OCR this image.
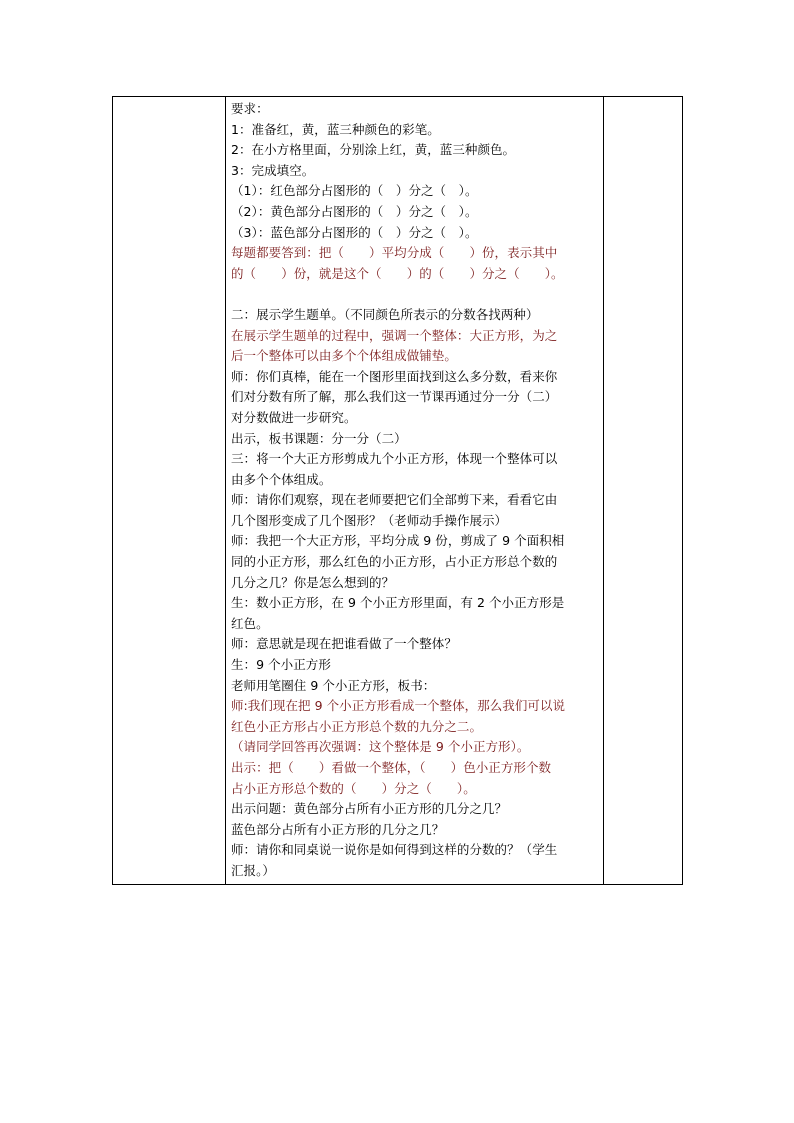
要求：
1：准备红，黄，蓝三种颜色的彩笔。
2：在小方格里面，分别涂上红，黄，蓝三种颜色。
3：完成填空。
（1）：红色部分占图形的（　）分之（　）。
（2）：黄色部分占图形的（　）分之（　）。
（3）：蓝色部分占图形的（　）分之（　）。
每题都要答到：把（　　）平均分成（　　）份，表示其中
的（　　）份，就是这个（　　）的（　　）分之（　　）。
二：展示学生题单。（不同颜色所表示的分数各找两种）
在展示学生题单的过程中，强调一个整体：大正方形，为之
后一个整体可以由多个个体组成做铺垫。
师：你们真棒，能在一个图形里面找到这么多分数，看来你
们对分数有所了解，那么我们这一节课再通过分一分（二）
对分数做进一步研究。
出示，板书课题：分一分（二）
三：将一个大正方形剪成九个小正方形，体现一个整体可以
由多个个体组成。
师：请你们观察，现在老师要把它们全部剪下来，看看它由
几个图形变成了几个图形？（老师动手操作展示）
师：我把一个大正方形，平均分成 9 份，剪成了 9 个面积相
同的小正方形，那么红色的小正方形，占小正方形总个数的
几分之几？你是怎么想到的？
生：数小正方形，在 9 个小正方形里面，有 2 个小正方形是
红色。
师：意思就是现在把谁看做了一个整体？
生：9 个小正方形
老师用笔圈住 9 个小正方形，板书：
师:我们现在把 9 个小正方形看成一个整体，那么我们可以说
红色小正方形占小正方形总个数的九分之二。
（请同学回答再次强调：这个整体是 9 个小正方形）。
出示：把（　　）看做一个整体，（　　）色小正方形个数
占小正方形总个数的（　　）分之（　　）。
出示问题：黄色部分占所有小正方形的几分之几？
蓝色部分占所有小正方形的几分之几？
师：请你和同桌说一说你是如何得到这样的分数的？（学生
汇报。）
